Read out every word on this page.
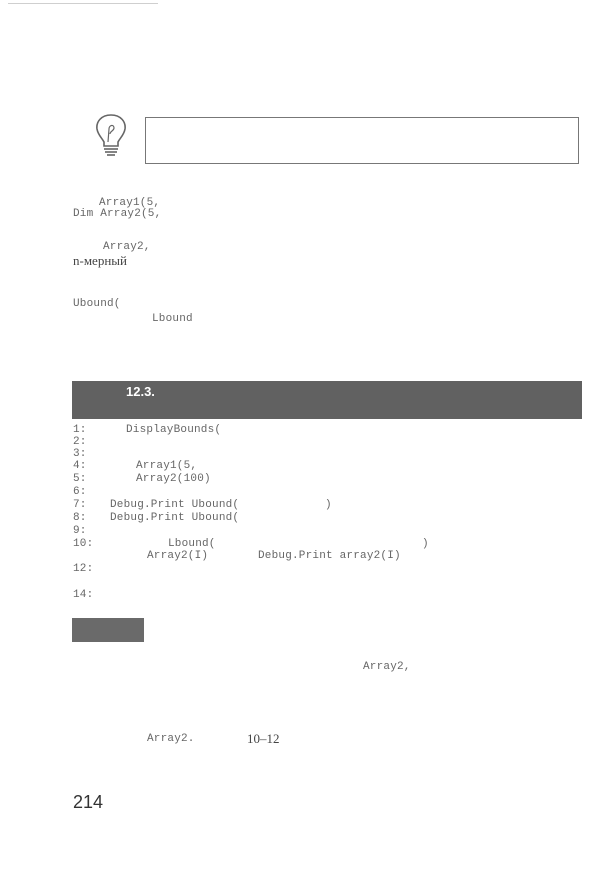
Array1(5,
Dim Array2(5,
Array2,
n-мерный
Ubound(
Lbound
12.3.
1:	DisplayBounds(
2:
3:
4:	Array1(5,
5:	Array2(100)
6:
7:	Debug.Print Ubound(	)
8:	Debug.Print Ubound(
9:
10:	Lbound(	)
Array2(I)	Debug.Print array2(I)
12:
14:
Array2,
Array2.	10–12
214
